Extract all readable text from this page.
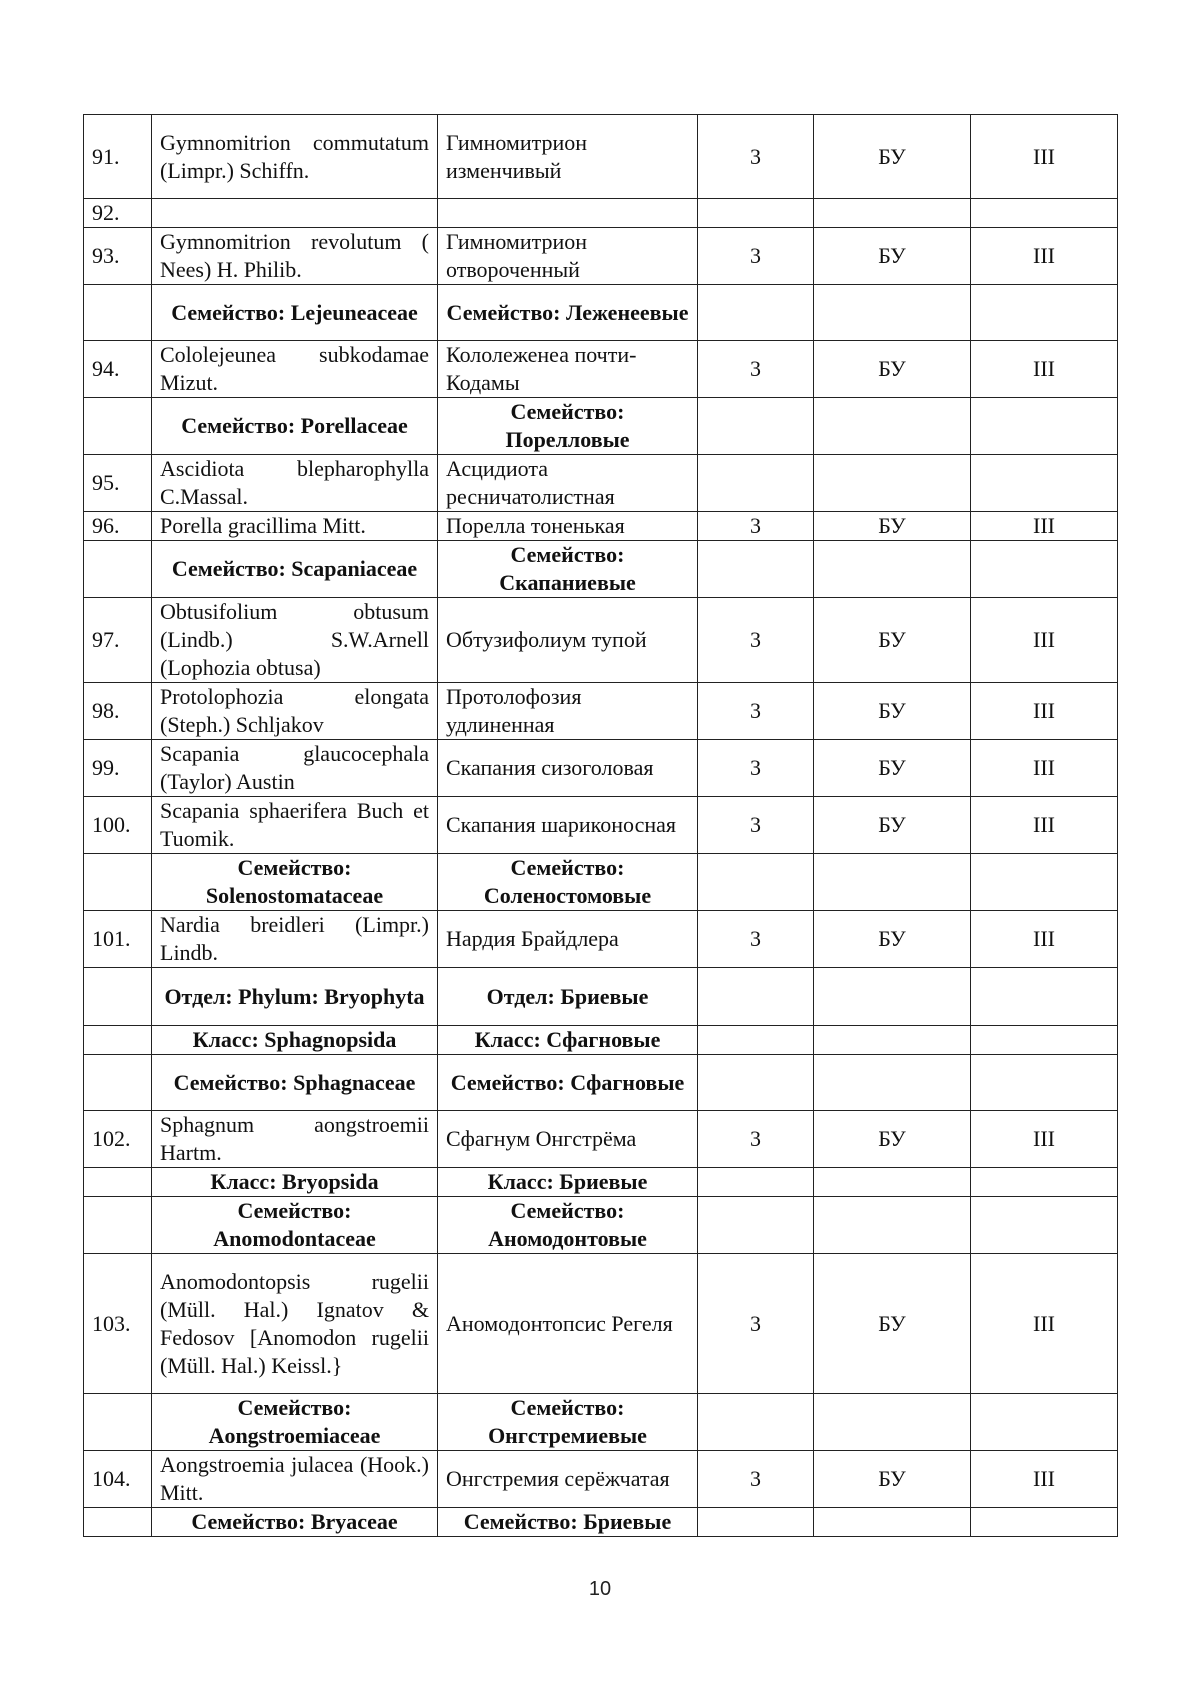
91.	Gymnomitrion commutatum (Limpr.) Schiffn.	Гимномитрион изменчивый	3	БУ	III
92.					
93.	Gymnomitrion revolutum ( Nees) H. Philib.	Гимномитрион отвороченный	3	БУ	III
	Семейство: Lejeuneaceae	Семейство: Леженеевые			
94.	Cololejeunea subkodamae Mizut.	Кололеженеа почти-Кодамы	3	БУ	III
	Семейство: Porellaceae	Семейство: Порелловые			
95.	Ascidiota blepharophylla C.Massal.	Асцидиота ресничатолистная			
96.	Porella gracillima Mitt.	Порелла тоненькая	3	БУ	III
	Семейство: Scapaniaceae	Семейство: Скапаниевые			
97.	Obtusifolium obtusum (Lindb.) S.W.Arnell (Lophozia obtusa)	Обтузифолиум тупой	3	БУ	III
98.	Protolophozia elongata (Steph.) Schljakov	Протолофозия удлиненная	3	БУ	III
99.	Scapania glaucocephala (Taylor) Austin	Скапания сизоголовая	3	БУ	III
100.	Scapania sphaerifera Buch et Tuomik.	Скапания шариконосная	3	БУ	III
	Семейство: Solenostomataceae	Семейство: Соленостомовые			
101.	Nardia breidleri (Limpr.) Lindb.	Нардия Брайдлера	3	БУ	III
	Отдел: Phylum: Bryophyta	Отдел: Бриевые			
	Класс: Sphagnopsida	Класс: Сфагновые			
	Семейство: Sphagnaceae	Семейство: Сфагновые			
102.	Sphagnum aongstroemii Hartm.	Сфагнум Онгстрёма	3	БУ	III
	Класс: Bryopsida	Класс: Бриевые			
	Семейство: Anomodontaceae	Семейство: Аномодонтовые			
103.	Anomodontopsis rugelii (Müll. Hal.) Ignatov & Fedosov [Anomodon rugelii (Müll. Hal.) Keissl.}	Аномодонтопсис Регеля	3	БУ	III
	Семейство: Aongstroemiaceae	Семейство: Онгстремиевые			
104.	Aongstroemia julacea (Hook.) Mitt.	Онгстремия серёжчатая	3	БУ	III
	Семейство: Bryaceae	Семейство: Бриевые			
10
